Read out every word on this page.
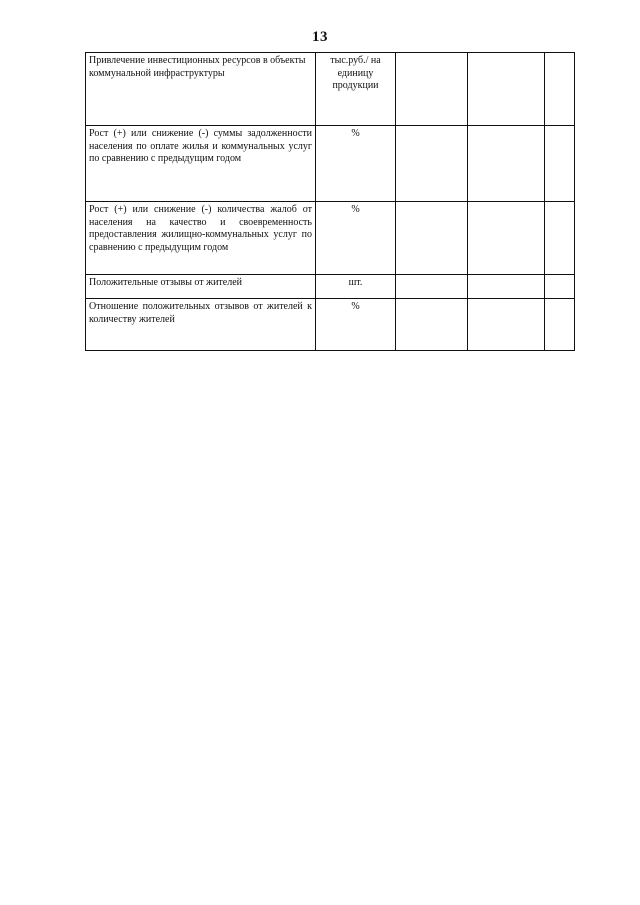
13
Привлечение инвестиционных ресурсов в объекты коммунальной инфраструктуры	тыс.руб./ на единицу продукции			
Рост (+) или снижение (-) суммы задолженности населения по оплате жилья и коммунальных услуг по сравнению с предыдущим годом	%			
Рост (+) или снижение (-) количества жалоб от населения на качество и своевременность предоставления жилищно-коммунальных услуг по сравнению с предыдущим годом	%			
Положительные отзывы от жителей	шт.			
Отношение положительных отзывов от жителей к количеству жителей	%			
